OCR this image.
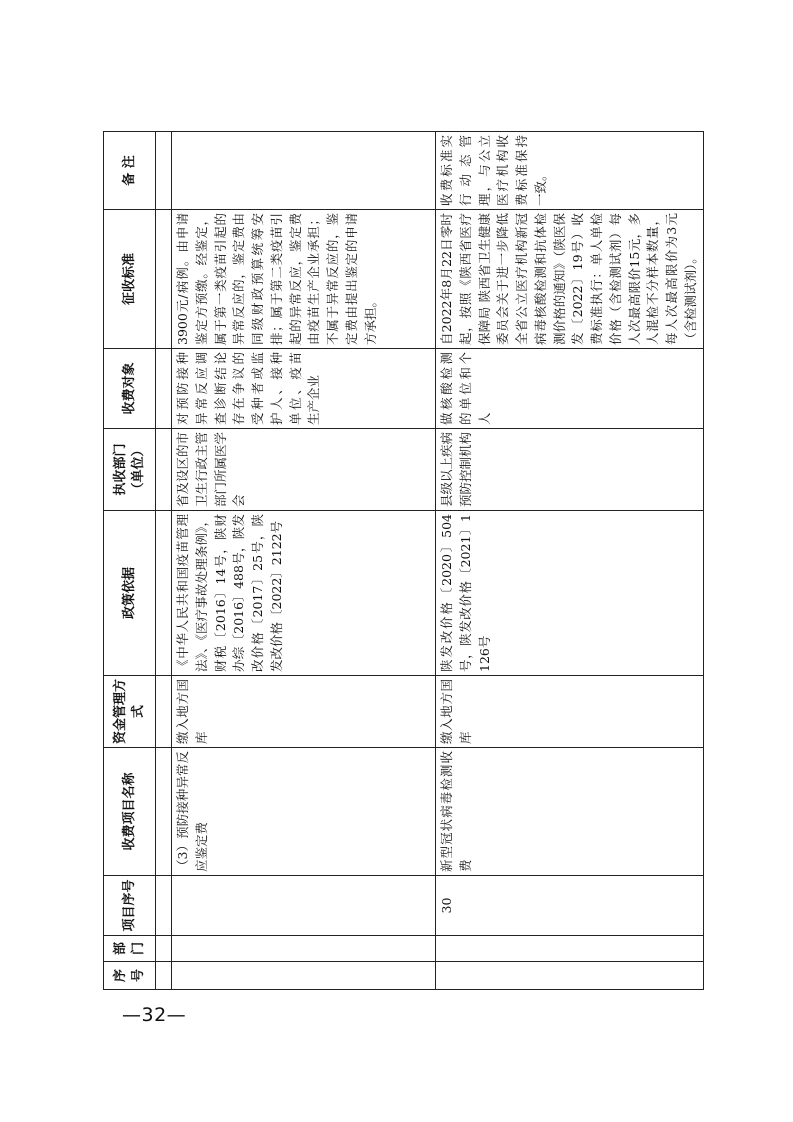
序号	部门	项目序号	收费项目名称	资金管理方式	政策依据	执收部门（单位）	收费对象	征收标准	备 注

			（3）预防接种异常反应鉴定费	缴入地方国库	《中华人民共和国疫苗管理法》、《医疗事故处理条例》，财税〔2016〕14号，陕财办综〔2016〕488号，陕发改价格〔2017〕25号，陕发改价格〔2022〕2122号	省及设区的市卫生行政主管部门所属医学会	对预防接种异常反应调查诊断结论存在争议的受种者或监护人、接种单位、疫苗生产企业	3900元/病例。由申请鉴定方预缴。经鉴定，属于第一类疫苗引起的异常反应的，鉴定费由同级财政预算统筹安排；属于第二类疫苗引起的异常反应，鉴定费由疫苗生产企业承担；不属于异常反应的，鉴定费由提出鉴定的申请方承担。	
		30	新型冠状病毒检测收费	缴入地方国库	陕发改价格〔2020〕504号，陕发改价格〔2021〕1126号	县级以上疾病预防控制机构	做核酸检测的单位和个人	自2022年8月22日零时起，按照《陕西省医疗保障局 陕西省卫生健康委员会关于进一步降低全省公立医疗机构新冠病毒核酸检测和抗体检测价格的通知》（陕医保发〔2022〕19号）收费标准执行：单人单检价格（含检测试剂）每人次最高限价15元，多人混检不分样本数量，每人次最高限价为3元（含检测试剂）。	收费标准实行动态管理，与公立医疗机构收费标准保持一致。
—32—
